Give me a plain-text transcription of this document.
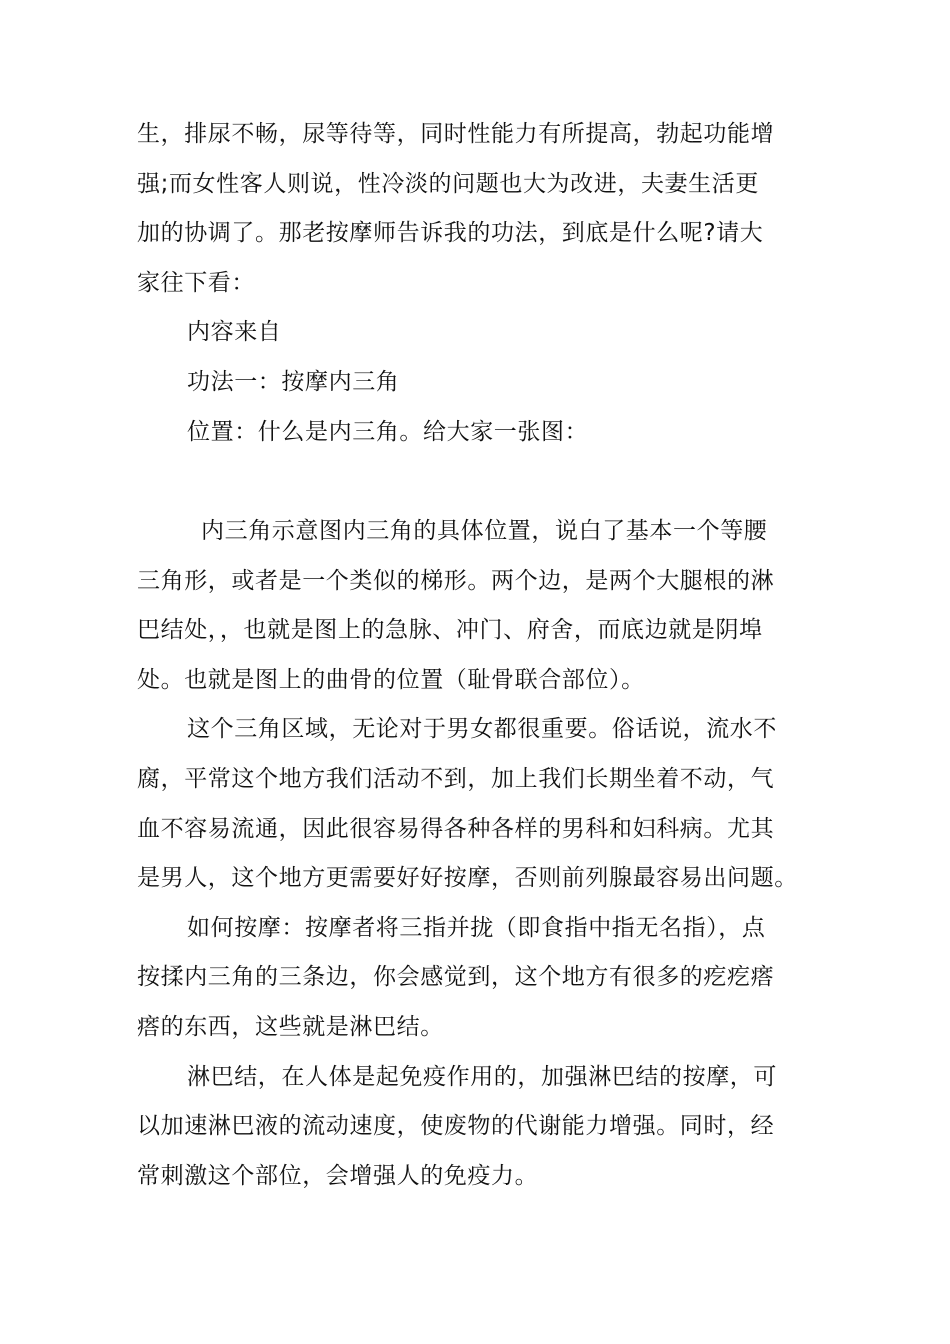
生，排尿不畅，尿等待等，同时性能力有所提高，勃起功能增
强;而女性客人则说，性冷淡的问题也大为改进，夫妻生活更
加的协调了。那老按摩师告诉我的功法，到底是什么呢?请大
家往下看：
内容来自
功法一：按摩内三角
位置：什么是内三角。给大家一张图：
内三角示意图内三角的具体位置，说白了基本一个等腰
三角形，或者是一个类似的梯形。两个边，是两个大腿根的淋
巴结处，，也就是图上的急脉、冲门、府舍，而底边就是阴埠
处。也就是图上的曲骨的位置（耻骨联合部位）。
这个三角区域，无论对于男女都很重要。俗话说，流水不
腐，平常这个地方我们活动不到，加上我们长期坐着不动，气
血不容易流通，因此很容易得各种各样的男科和妇科病。尤其
是男人，这个地方更需要好好按摩，否则前列腺最容易出问题。
如何按摩：按摩者将三指并拢（即食指中指无名指），点
按揉内三角的三条边，你会感觉到，这个地方有很多的疙疙瘩
瘩的东西，这些就是淋巴结。
淋巴结，在人体是起免疫作用的，加强淋巴结的按摩，可
以加速淋巴液的流动速度，使废物的代谢能力增强。同时，经
常刺激这个部位，会增强人的免疫力。
